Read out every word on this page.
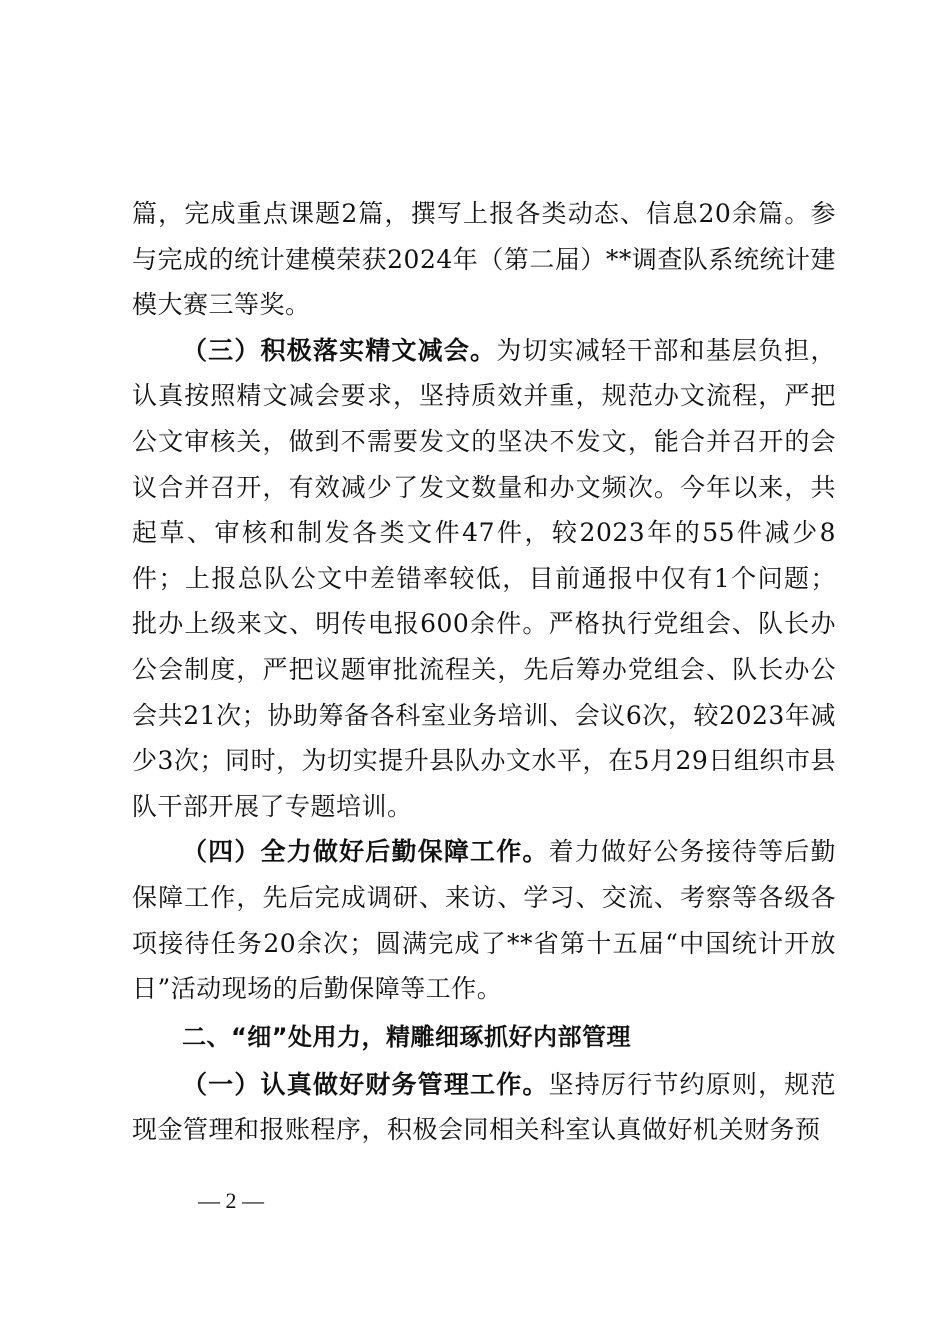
篇，完成重点课题2篇，撰写上报各类动态、信息20余篇。参与完成的统计建模荣获2024年（第二届）**调查队系统统计建模大赛三等奖。

（三）积极落实精文减会。为切实减轻干部和基层负担，认真按照精文减会要求，坚持质效并重，规范办文流程，严把公文审核关，做到不需要发文的坚决不发文，能合并召开的会议合并召开，有效减少了发文数量和办文频次。今年以来，共起草、审核和制发各类文件47件，较2023年的55件减少8件；上报总队公文中差错率较低，目前通报中仅有1个问题；批办上级来文、明传电报600余件。严格执行党组会、队长办公会制度，严把议题审批流程关，先后筹办党组会、队长办公会共21次；协助筹备各科室业务培训、会议6次，较2023年减少3次；同时，为切实提升县队办文水平，在5月29日组织市县队干部开展了专题培训。

（四）全力做好后勤保障工作。着力做好公务接待等后勤保障工作，先后完成调研、来访、学习、交流、考察等各级各项接待任务20余次；圆满完成了**省第十五届“中国统计开放日”活动现场的后勤保障等工作。

二、“细”处用力，精雕细琢抓好内部管理

（一）认真做好财务管理工作。坚持厉行节约原则，规范现金管理和报账程序，积极会同相关科室认真做好机关财务预

— 2 —
